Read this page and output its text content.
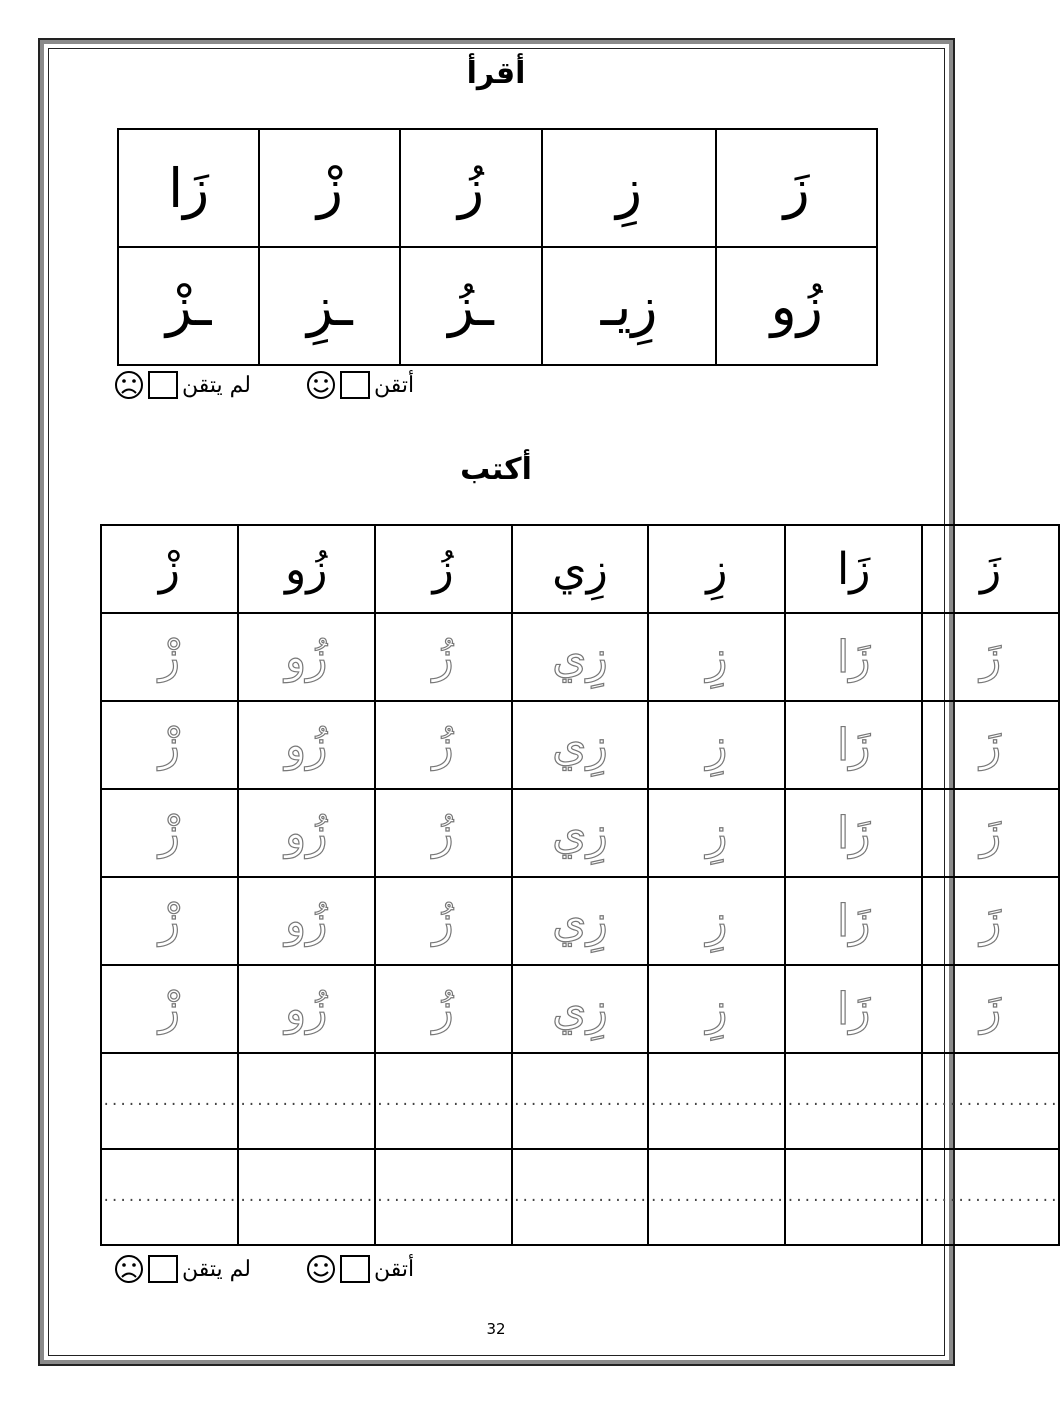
أقرأ
زَ	زِ	زُ	زْ	زَا
زُو	زِيـ	ـزُ	ـزِ	ـزْ
أتقن
لم يتقن
أكتب
زَ	زَا	زِ	زِي	زُ	زُو	زْ
زَ	زَا	زِ	زِي	زُ	زُو	زْ
زَ	زَا	زِ	زِي	زُ	زُو	زْ
زَ	زَا	زِ	زِي	زُ	زُو	زْ
زَ	زَا	زِ	زِي	زُ	زُو	زْ
زَ	زَا	زِ	زِي	زُ	زُو	زْ
................	................	................	................	................	................	................
................	................	................	................	................	................	................
أتقن
لم يتقن
32
